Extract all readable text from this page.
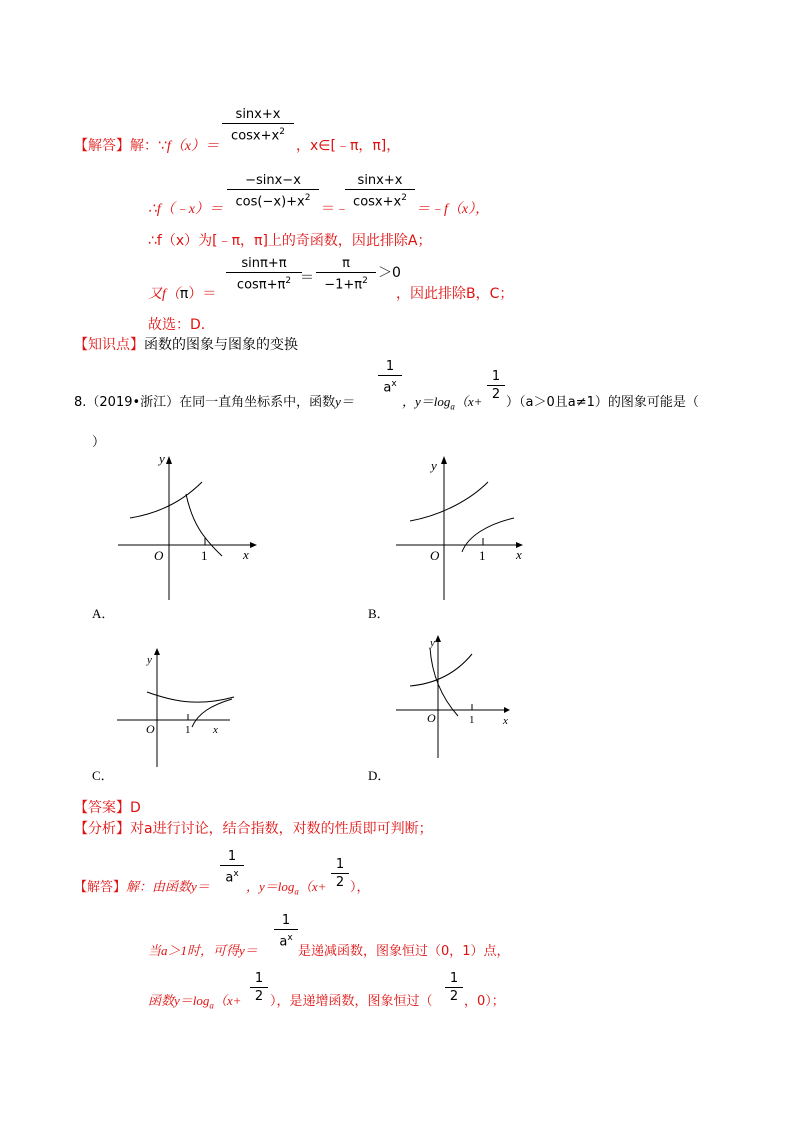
$\frac{\sin x+x}{\cos x+x^2}$
【解答】解：∵f（x）＝	，x∈[﹣π，π]，
$\frac{-\sin x-x}{\cos(-x)+x^2} \frac{\sin x+x}{\cos x+x^2}$
∴f（﹣x）＝	＝﹣	＝﹣f（x），
∴f（x）为[﹣π，π]上的奇函数，因此排除A；
$\frac{\sin\pi+\pi}{\cos\pi+\pi^2}$
＝ $\frac{\pi}{-1+\pi^2} >0$
又f（π）＝	，因此排除B，C；
故选：D．
【知识点】函数的图象与图象的变换
$\frac{1}{a^x}$	$\frac{1}{2}$
8.（2019•浙江）在同一直角坐标系中，函数y＝	，$y=\log_a(x+ )(a>0$且a≠1）的图象可能是（
）
y
x
O	1
A．
y
x
O	1
B．
y
x
O	1
C．
y
x
O	1
D．
【答案】D
【分析】对a进行讨论，结合指数，对数的性质即可判断；
$\frac{1}{a^x}$	$\frac{1}{2}$
【解答】解：由函数y＝	，$y=\log_a(x+$ ），
$\frac{1}{a^x}$
当a＞1时，可得y＝	是递减函数，图象恒过（0，1）点，
$\frac{1}{2}$	$\frac{1}{2}$
函数$y=\log_a(x+$ ），是递增函数，图象恒过（ ，0）；
